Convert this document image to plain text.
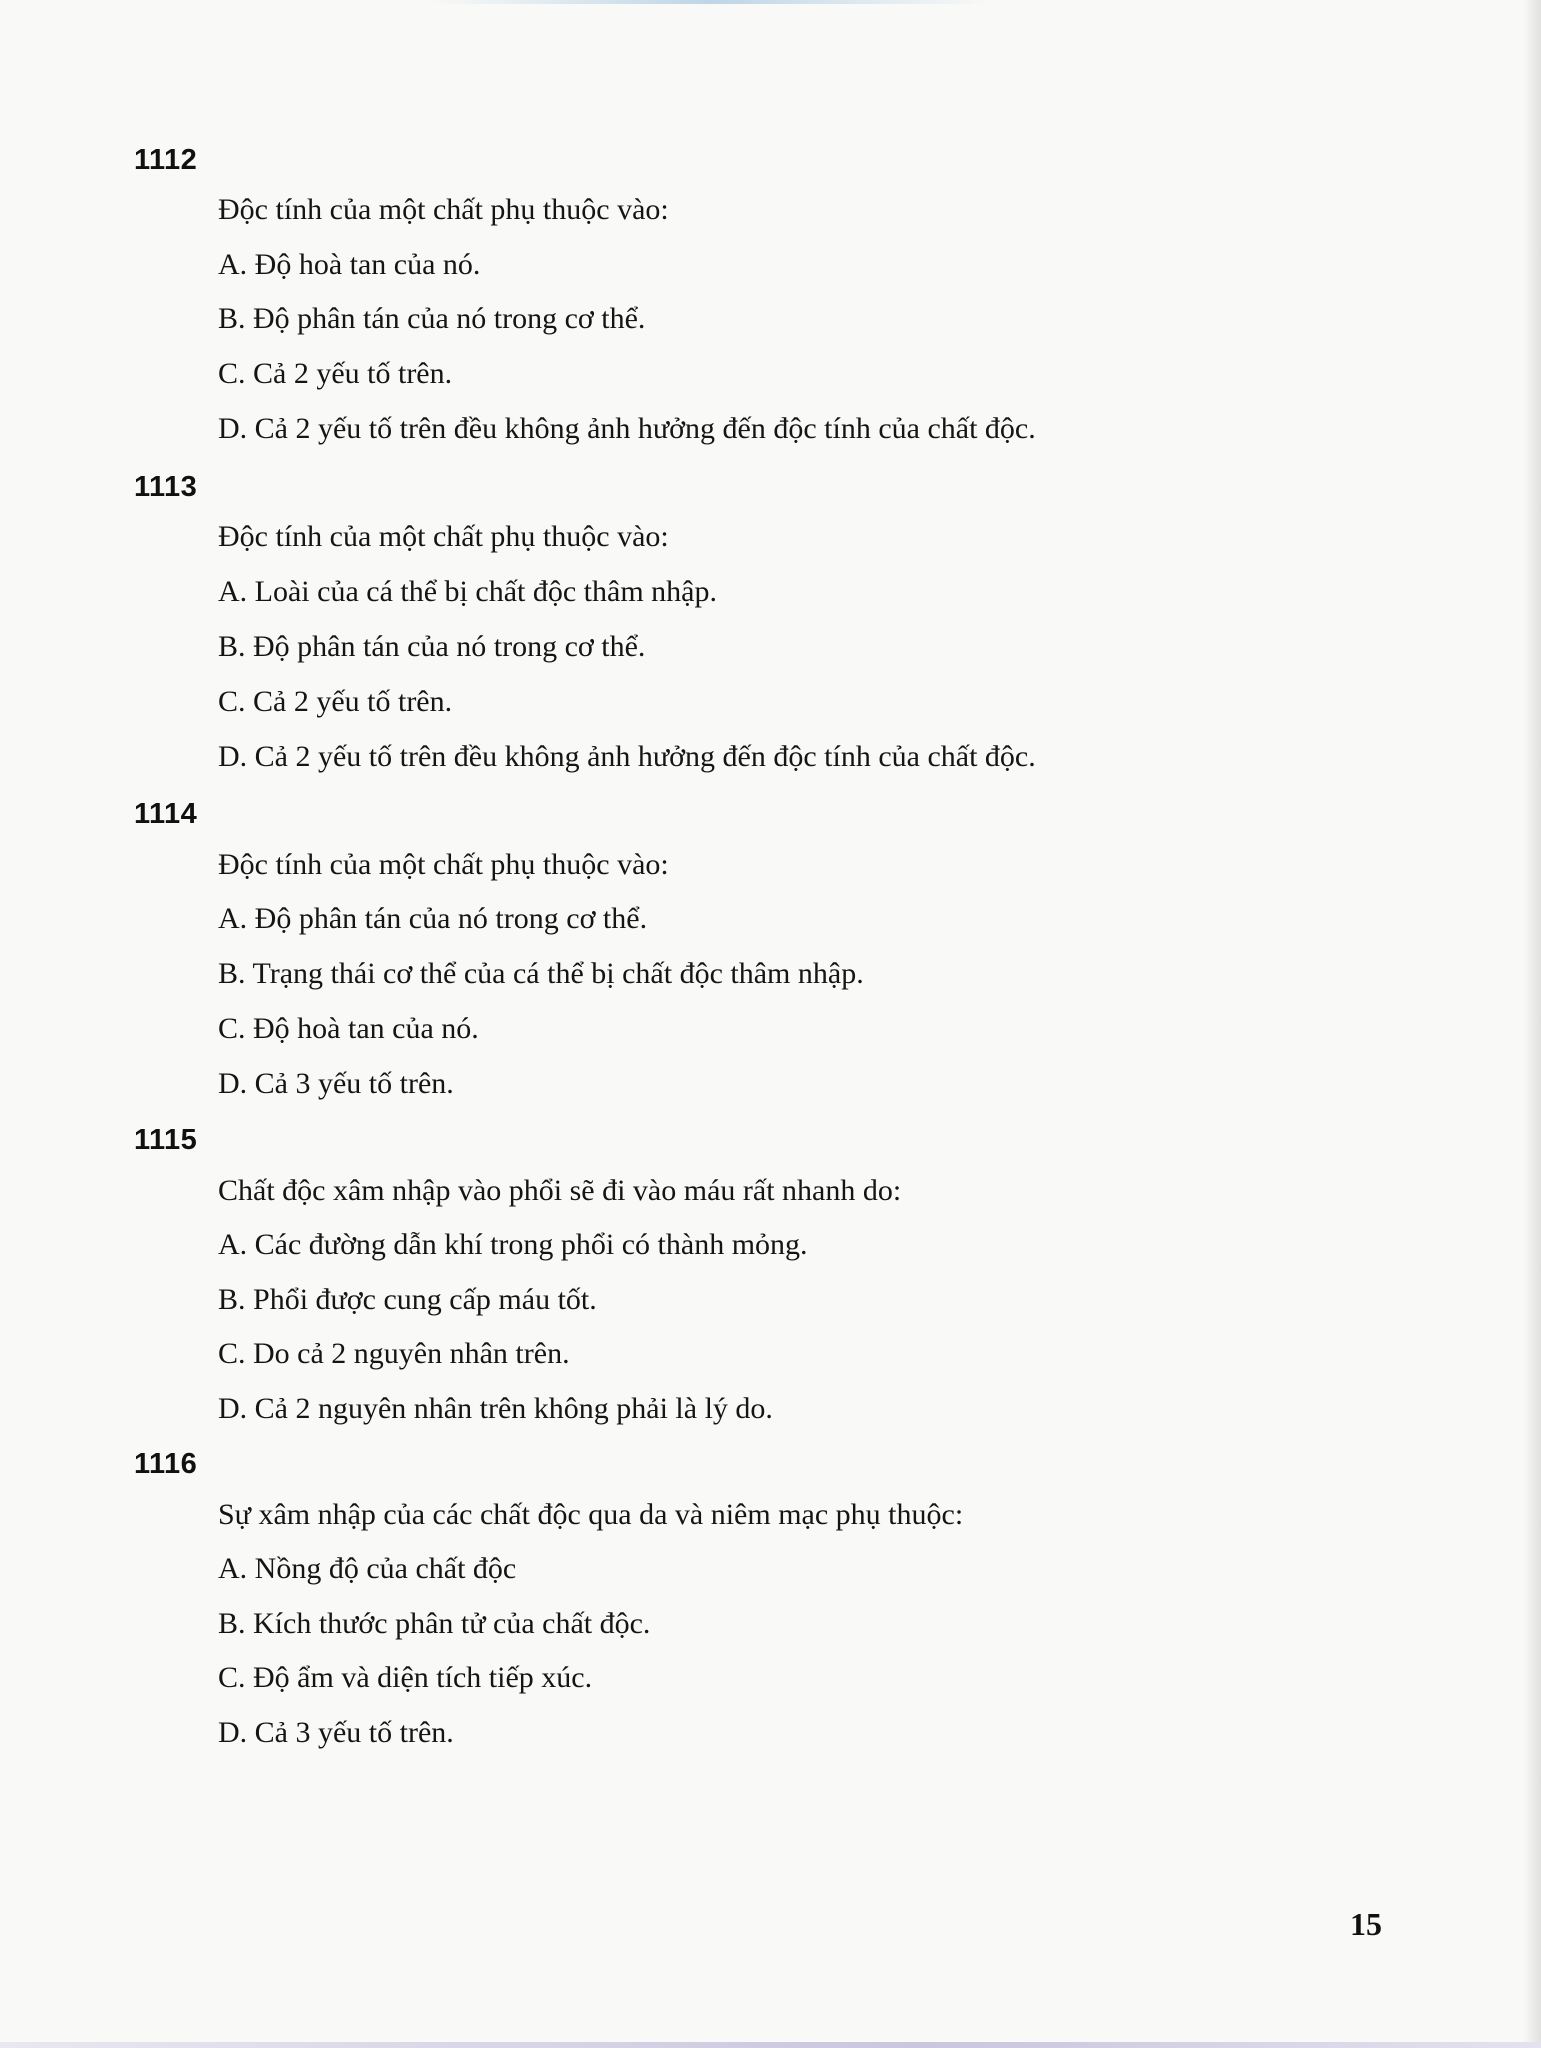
1112
Độc tính của một chất phụ thuộc vào:
A. Độ hoà tan của nó.
B. Độ phân tán của nó trong cơ thể.
C. Cả 2 yếu tố trên.
D. Cả 2 yếu tố trên đều không ảnh hưởng đến độc tính của chất độc.
1113
Độc tính của một chất phụ thuộc vào:
A. Loài của cá thể bị chất độc thâm nhập.
B. Độ phân tán của nó trong cơ thể.
C. Cả 2 yếu tố trên.
D. Cả 2 yếu tố trên đều không ảnh hưởng đến độc tính của chất độc.
1114
Độc tính của một chất phụ thuộc vào:
A. Độ phân tán của nó trong cơ thể.
B. Trạng thái cơ thể của cá thể bị chất độc thâm nhập.
C. Độ hoà tan của nó.
D. Cả 3 yếu tố trên.
1115
Chất độc xâm nhập vào phổi sẽ đi vào máu rất nhanh do:
A. Các đường dẫn khí trong phổi có thành mỏng.
B. Phổi được cung cấp máu tốt.
C. Do cả 2 nguyên nhân trên.
D. Cả 2 nguyên nhân trên không phải là lý do.
1116
Sự xâm nhập của các chất độc qua da và niêm mạc phụ thuộc:
A. Nồng độ của chất độc
B. Kích thước phân tử của chất độc.
C. Độ ẩm và diện tích tiếp xúc.
D. Cả 3 yếu tố trên.
15
